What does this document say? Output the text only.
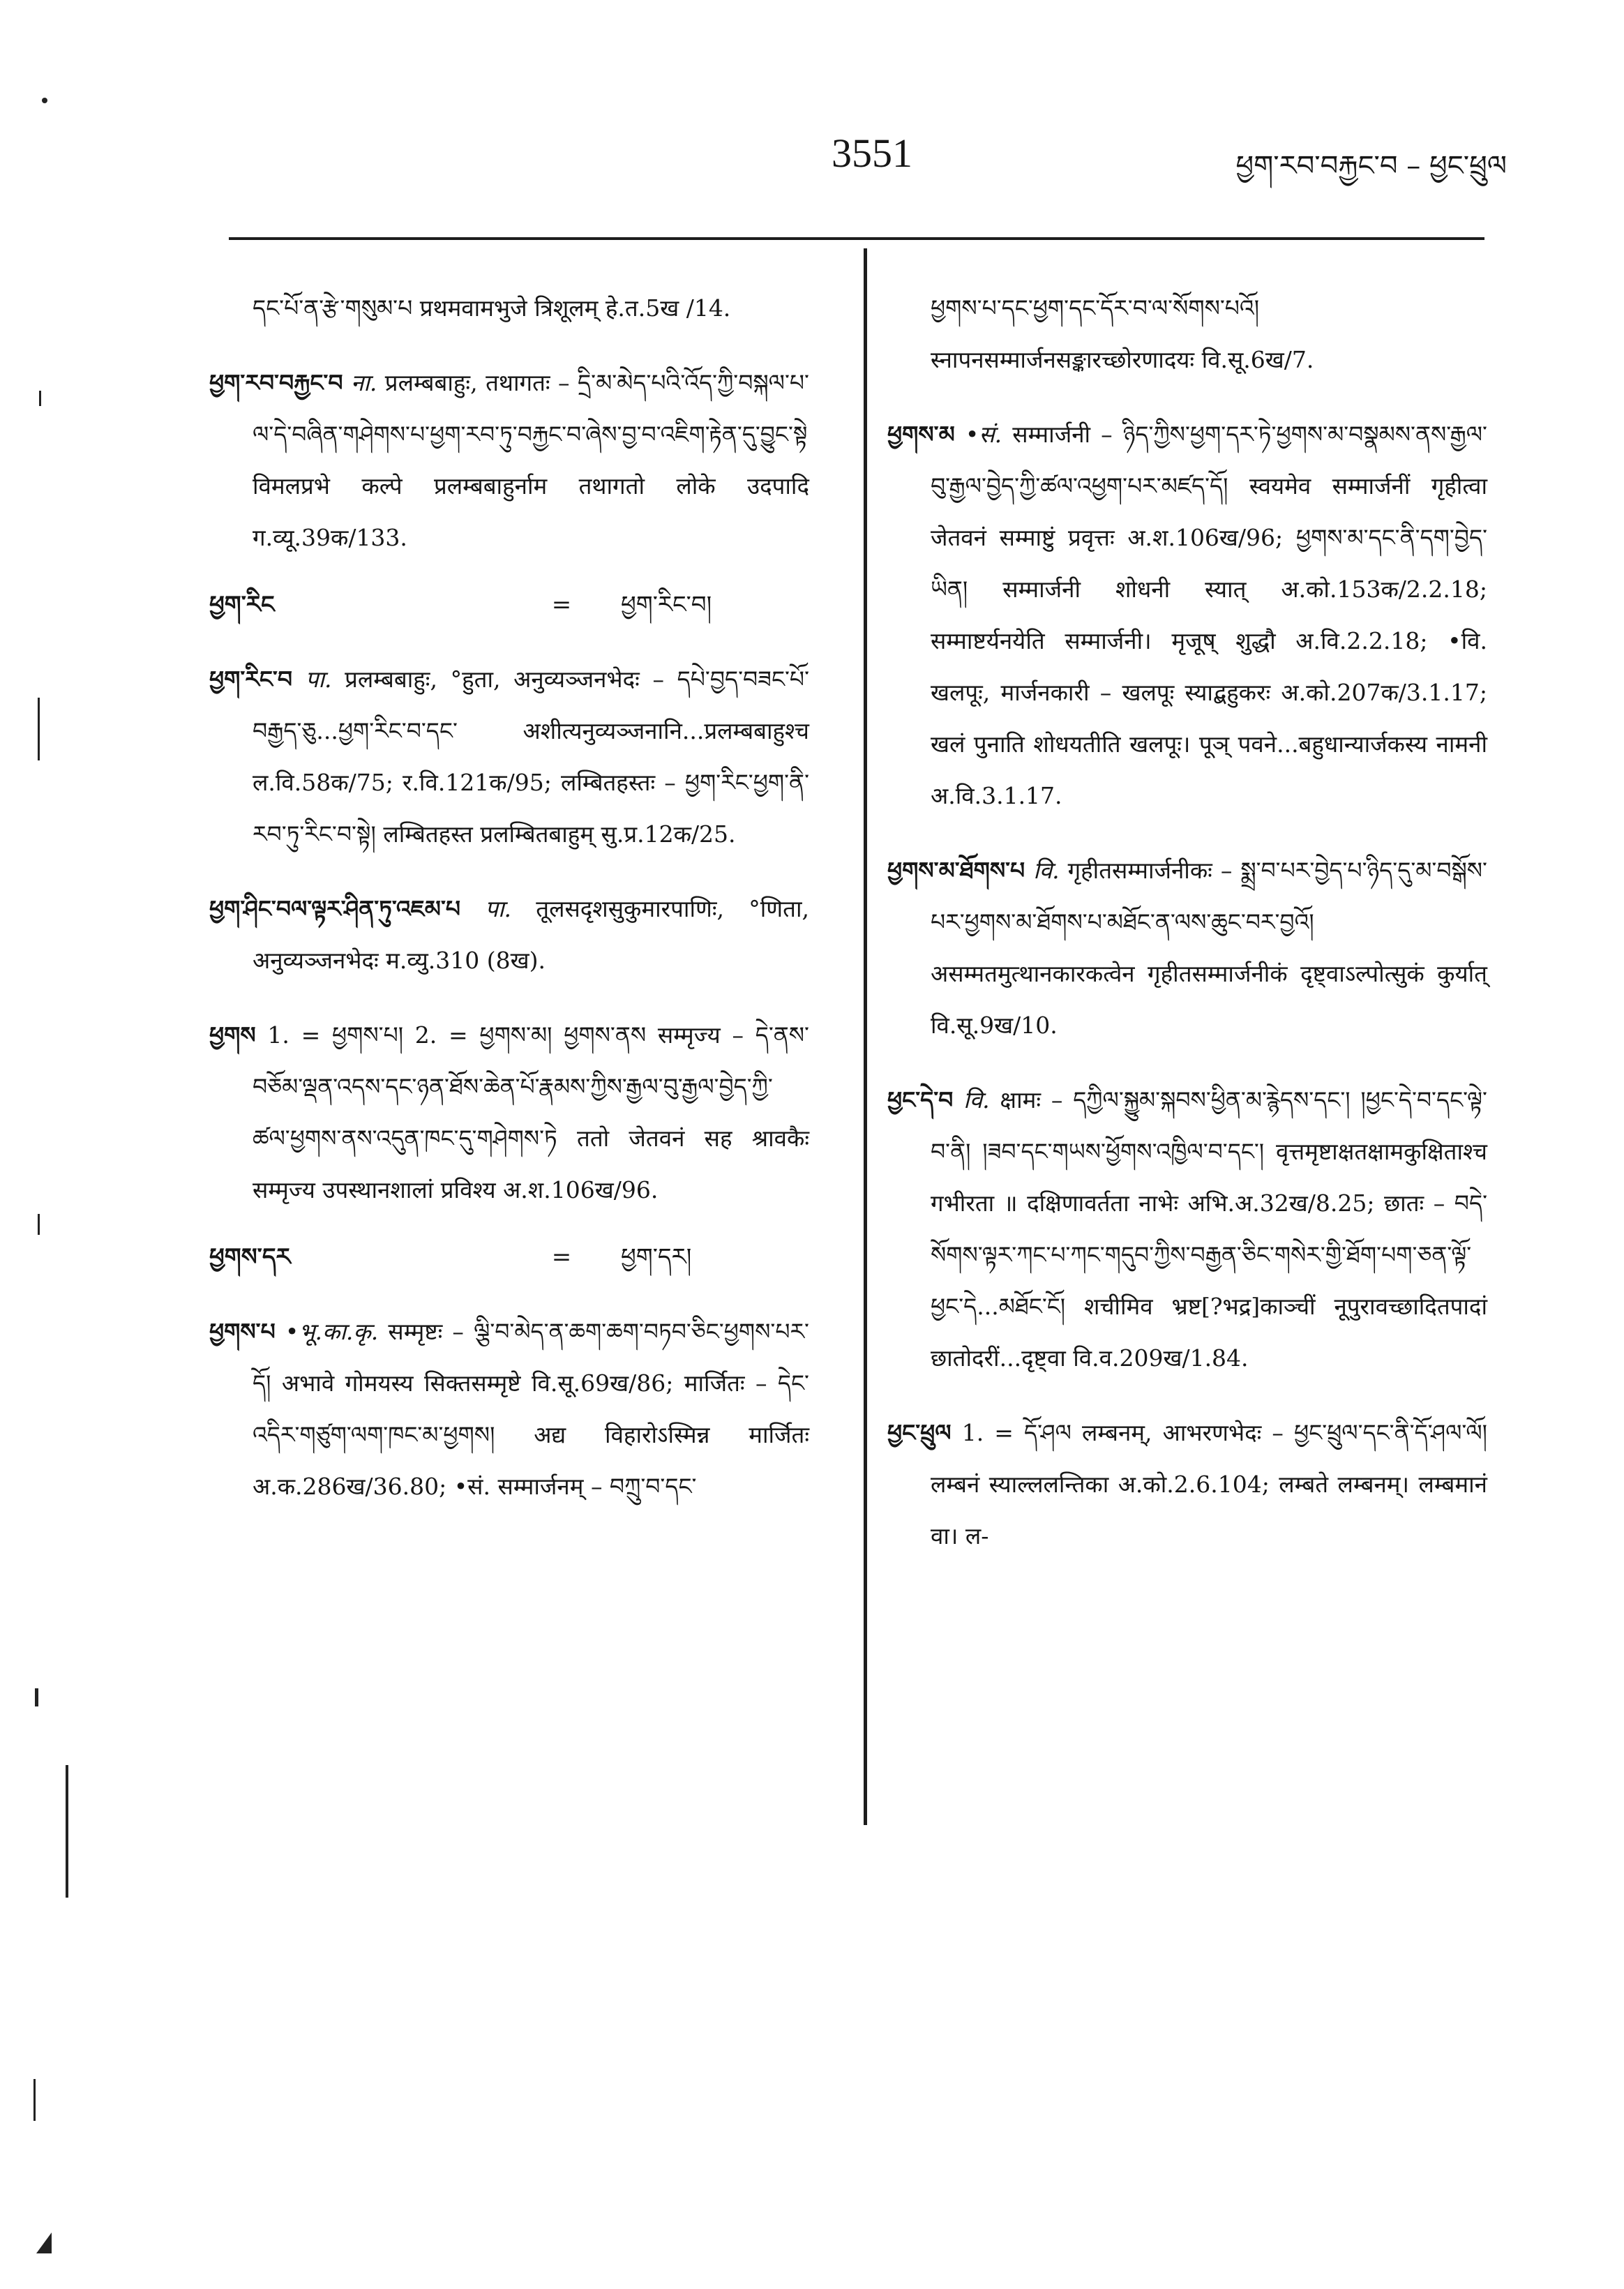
3551	ཕྱག་རབ་བརྐྱང་བ – ཕྱང་ཕྲུལ

དང་པོ་ན་རྩེ་གསུམ་པ प्रथमवामभुजे त्रिशूलम् हे.त.5ख /14.

ཕྱག་རབ་བརྐྱང་བ ना. प्रलम्बबाहुः, तथागतः – དྲི་མ་མེད་པའི་འོད་ཀྱི་བསྐལ་པ་ལ་དེ་བཞིན་གཤེགས་པ་ཕྱག་རབ་ཏུ་བརྐྱང་བ་ཞེས་བྱ་བ་འཇིག་རྟེན་དུ་བྱུང་སྟེ विमलप्रभे कल्पे प्रलम्बबाहुर्नाम तथागतो लोके उदपादि ग.व्यू.39क/133.

ཕྱག་རིང	=	ཕྱག་རིང་བ།

ཕྱག་རིང་བ पा. प्रलम्बबाहुः, °हुता, अनुव्यञ्जनभेदः – དཔེ་བྱད་བཟང་པོ་བརྒྱད་ཅུ...ཕྱག་རིང་བ་དང་ अशीत्यनुव्यञ्जनानि...प्रलम्बबाहुश्च ल.वि.58क/75; र.वि.121क/95; लम्बितहस्तः – ཕྱག་རིང་ཕྱག་ནི་རབ་ཏུ་རིང་བ་སྟེ། लम्बितहस्त प्रलम्बितबाहुम् सु.प्र.12क/25.

ཕྱག་ཤིང་བལ་ལྟར་ཤིན་ཏུ་འཇམ་པ पा. तूलसदृशसुकुमारपाणिः, °णिता, अनुव्यञ्जनभेदः म.व्यु.310 (8ख).

ཕྱགས 1. = ཕྱགས་པ། 2. = ཕྱགས་མ། ཕྱགས་ནས सम्मृज्य – དེ་ནས་བཅོམ་ལྡན་འདས་དང་ཉན་ཐོས་ཆེན་པོ་རྣམས་ཀྱིས་རྒྱལ་བུ་རྒྱལ་བྱེད་ཀྱི་ཚལ་ཕྱགས་ནས་འདུན་ཁང་དུ་གཤེགས་ཏེ ततो जेतवनं सह श्रावकैः सम्मृज्य उपस्थानशालां प्रविश्य अ.श.106ख/96.

ཕྱགས་དར	=	ཕྱག་དར།

ཕྱགས་པ •भू.का.कृ. सम्मृष्टः – ལྕི་བ་མེད་ན་ཆག་ཆག་བཏབ་ཅིང་ཕྱགས་པར་དོ། अभावे गोमयस्य सिक्तसम्मृष्टे वि.सू.69ख/86; मार्जितः – དེང་འདིར་གཙུག་ལག་ཁང་མ་ཕྱགས། अद्य विहारोऽस्मिन्न मार्जितः अ.क.286ख/36.80; •सं. सम्मार्जनम् – བཀྲུ་བ་དང་

ཕྱགས་པ་དང་ཕྱག་དང་དོར་བ་ལ་སོགས་པའོ། स्नापनसम्मार्जनसङ्कारच्छोरणादयः वि.सू.6ख/7.

ཕྱགས་མ •सं. सम्मार्जनी – ཉིད་ཀྱིས་ཕྱག་དར་ཏེ་ཕྱགས་མ་བསྣམས་ནས་རྒྱལ་བུ་རྒྱལ་བྱེད་ཀྱི་ཚལ་འཕྱག་པར་མཛད་དོ། स्वयमेव सम्मार्जनीं गृहीत्वा जेतवनं सम्माष्टुं प्रवृत्तः अ.श.106ख/96; ཕྱགས་མ་དང་ནི་དག་བྱེད་ཡིན། सम्मार्जनी शोधनी स्यात् अ.को.153क/2.2.18; सम्माष्टर्यनयेति सम्मार्जनी। मृजूष् शुद्धौ अ.वि.2.2.18; •वि. खलपूः, मार्जनकारी – खलपूः स्याद्बहुकरः अ.को.207क/3.1.17; खलं पुनाति शोधयतीति खलपूः। पूञ् पवने...बहुधान्यार्जकस्य नामनी अ.वि.3.1.17.

ཕྱགས་མ་ཐོགས་པ वि. गृहीतसम्मार्जनीकः – སྨྲ་བ་པར་བྱེད་པ་ཉིད་དུ་མ་བསྒོས་པར་ཕྱགས་མ་ཐོགས་པ་མཐོང་ན་ལས་ཆུང་བར་བྱའོ། असम्मतमुत्थानकारकत्वेन गृहीतसम्मार्जनीकं दृष्ट्वाऽल्पोत्सुकं कुर्यात् वि.सू.9ख/10.

ཕྱང་དེ་བ वि. क्षामः – དཀྱིལ་སྐྱུམ་སྐབས་ཕྱིན་མ་རྙེདས་དང་། །ཕྱང་དེ་བ་དང་ལྟེ་བ་ནི། །ཟབ་དང་གཡས་ཕྱོགས་འཁྱིལ་བ་དང་། वृत्तमृष्टाक्षतक्षामकुक्षिताश्च गभीरता ॥ दक्षिणावर्तता नाभेः अभि.अ.32ख/8.25; छातः – བདེ་སོགས་ལྟར་ཀང་པ་ཀང་གདུབ་ཀྱིས་བརྒྱན་ཅིང་གསེར་གྱི་ཐོག་པག་ཅན་ལྟོ་ཕྱང་དེ...མཐོང་ངོ། शचीमिव भ्रष्ट[?भद्र]काञ्चीं नूपुरावच्छादितपादां छातोदरीं...दृष्ट्वा वि.व.209ख/1.84.

ཕྱང་ཕྲུལ 1. = དོ་ཤལ लम्बनम्, आभरणभेदः – ཕྱང་ཕྲུལ་དང་ནི་དོ་ཤལ་ལོ། लम्बनं स्याल्ललन्तिका अ.को.2.6.104; लम्बते लम्बनम्। लम्बमानं वा। ल-
